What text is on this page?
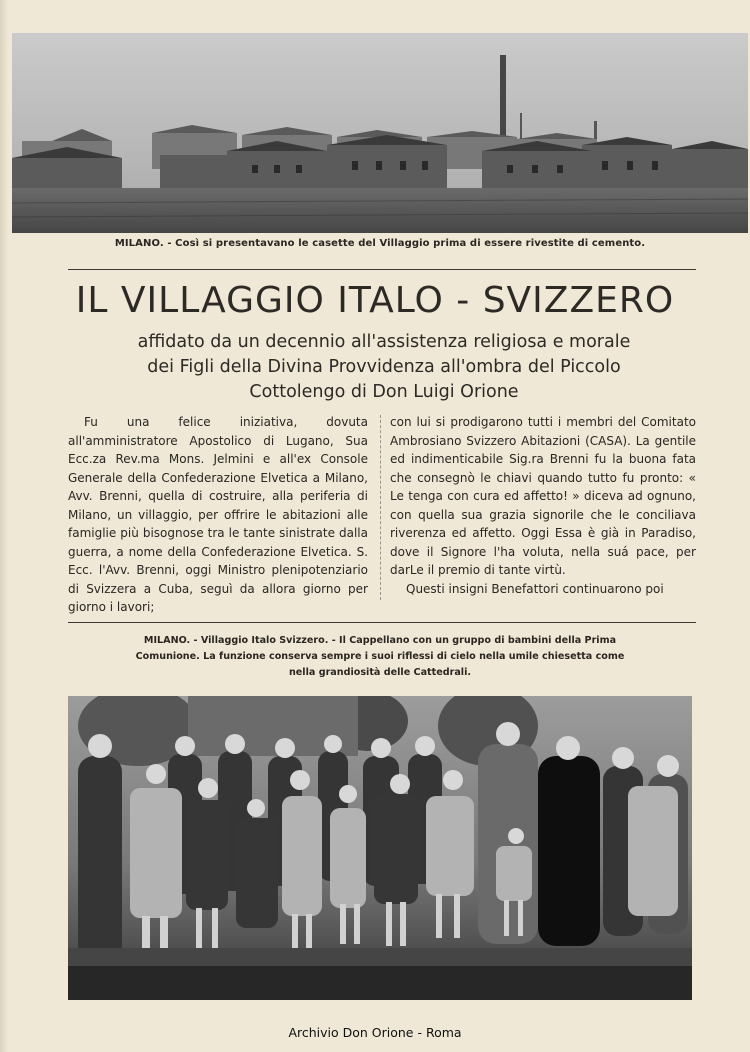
MILANO. - Così si presentavano le casette del Villaggio prima di essere rivestite di cemento.
IL VILLAGGIO ITALO - SVIZZERO
affidato da un decennio all'assistenza religiosa e morale
dei Figli della Divina Provvidenza all'ombra del Piccolo
Cottolengo di Don Luigi Orione

Fu una felice iniziativa, dovuta all'amministratore Apostolico di Lugano, Sua Ecc.za Rev.ma Mons. Jelmini e all'ex Console Generale della Confederazione Elvetica a Milano, Avv. Brenni, quella di costruire, alla periferia di Milano, un villaggio, per offrire le abitazioni alle famiglie più bisognose tra le tante sinistrate dalla guerra, a nome della Confederazione Elvetica. S. Ecc. l'Avv. Brenni, oggi Ministro plenipotenziario di Svizzera a Cuba, seguì da allora giorno per giorno i lavori;

con lui si prodigarono tutti i membri del Comitato Ambrosiano Svizzero Abitazioni (CASA). La gentile ed indimenticabile Sig.ra Brenni fu la buona fata che consegnò le chiavi quando tutto fu pronto: « Le tenga con cura ed affetto! » diceva ad ognuno, con quella sua grazia signorile che le conciliava riverenza ed affetto. Oggi Essa è già in Paradiso, dove il Signore l'ha voluta, nella suá pace, per darLe il premio di tante virtù.

Questi insigni Benefattori continuarono poi

MILANO. - Villaggio Italo Svizzero. - Il Cappellano con un gruppo di bambini della Prima
Comunione. La funzione conserva sempre i suoi riflessi di cielo nella umile chiesetta come
nella grandiosità delle Cattedrali.
Archivio Don Orione - Roma
